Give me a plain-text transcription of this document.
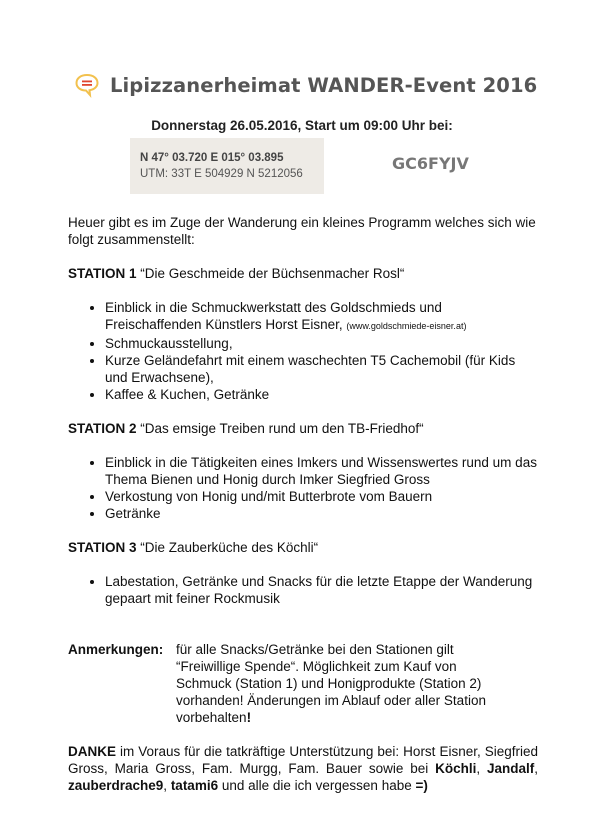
Lipizzanerheimat WANDER-Event 2016
Donnerstag 26.05.2016, Start um 09:00 Uhr bei:
N 47° 03.720 E 015° 03.895
UTM: 33T E 504929 N 5212056
GC6FYJV

Heuer gibt es im Zuge der Wanderung ein kleines Programm welches sich wie folgt zusammenstellt:

STATION 1 “Die Geschmeide der Büchsenmacher Rosl“

• Einblick in die Schmuckwerkstatt des Goldschmieds und Freischaffenden Künstlers Horst Eisner, (www.goldschmiede-eisner.at)
• Schmuckausstellung,
• Kurze Geländefahrt mit einem waschechten T5 Cachemobil (für Kids und Erwachsene),
• Kaffee & Kuchen, Getränke

STATION 2 “Das emsige Treiben rund um den TB-Friedhof“

• Einblick in die Tätigkeiten eines Imkers und Wissenswertes rund um das Thema Bienen und Honig durch Imker Siegfried Gross
• Verkostung von Honig und/mit Butterbrote vom Bauern
• Getränke

STATION 3 “Die Zauberküche des Köchli“

• Labestation, Getränke und Snacks für die letzte Etappe der Wanderung gepaart mit feiner Rockmusik
Anmerkungen: für alle Snacks/Getränke bei den Stationen gilt “Freiwillige Spende“. Möglichkeit zum Kauf von Schmuck (Station 1) und Honigprodukte (Station 2) vorhanden! Änderungen im Ablauf oder aller Station vorbehalten!

DANKE im Voraus für die tatkräftige Unterstützung bei: Horst Eisner, Siegfried Gross, Maria Gross, Fam. Murgg, Fam. Bauer sowie bei Köchli, Jandalf, zauberdrache9, tatami6 und alle die ich vergessen habe =)
